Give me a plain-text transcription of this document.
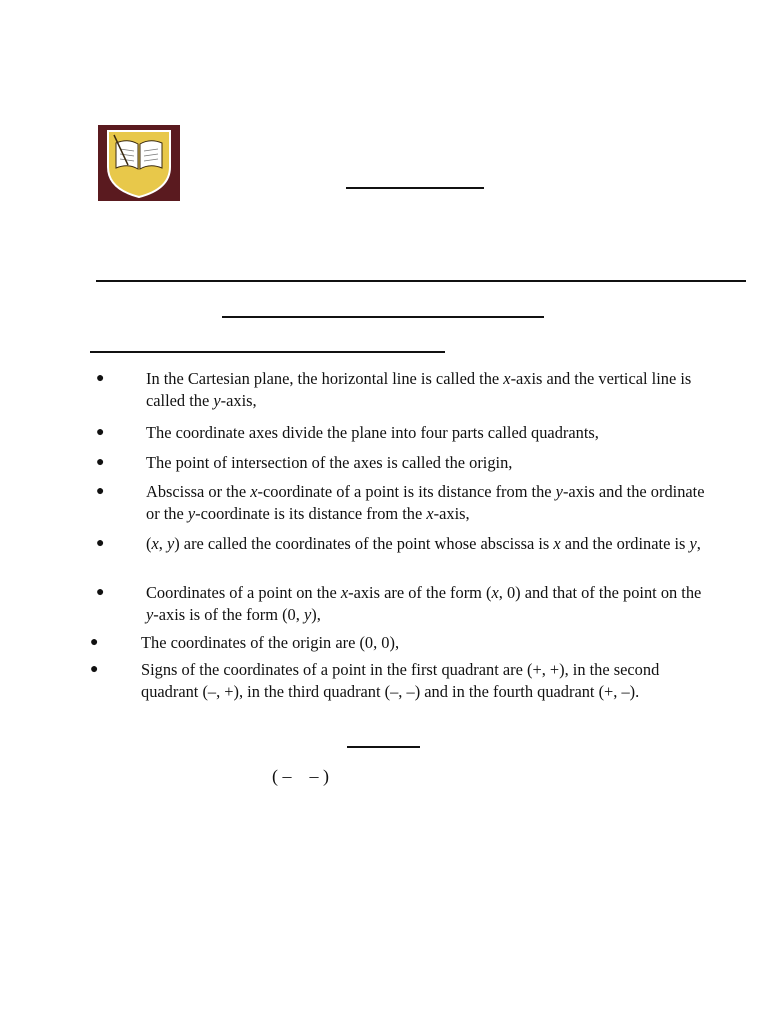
●	In the Cartesian plane, the horizontal line is called the x-axis and the vertical line is called the y-axis,
●	The coordinate axes divide the plane into four parts called quadrants,
●	The point of intersection of the axes is called the origin,
●	Abscissa or the x-coordinate of a point is its distance from the y-axis and the ordinate or the y-coordinate is its distance from the x-axis,
●	(x, y) are called the coordinates of the point whose abscissa is x and the ordinate is y,
●	Coordinates of a point on the x-axis are of the form (x, 0) and that of the point on the y-axis is of the form (0, y),
●	The coordinates of the origin are (0, 0),
●	Signs of the coordinates of a point in the first quadrant are (+, +), in the second quadrant (–, +), in the third quadrant (–, –) and in the fourth quadrant (+, –).
( –    – )
